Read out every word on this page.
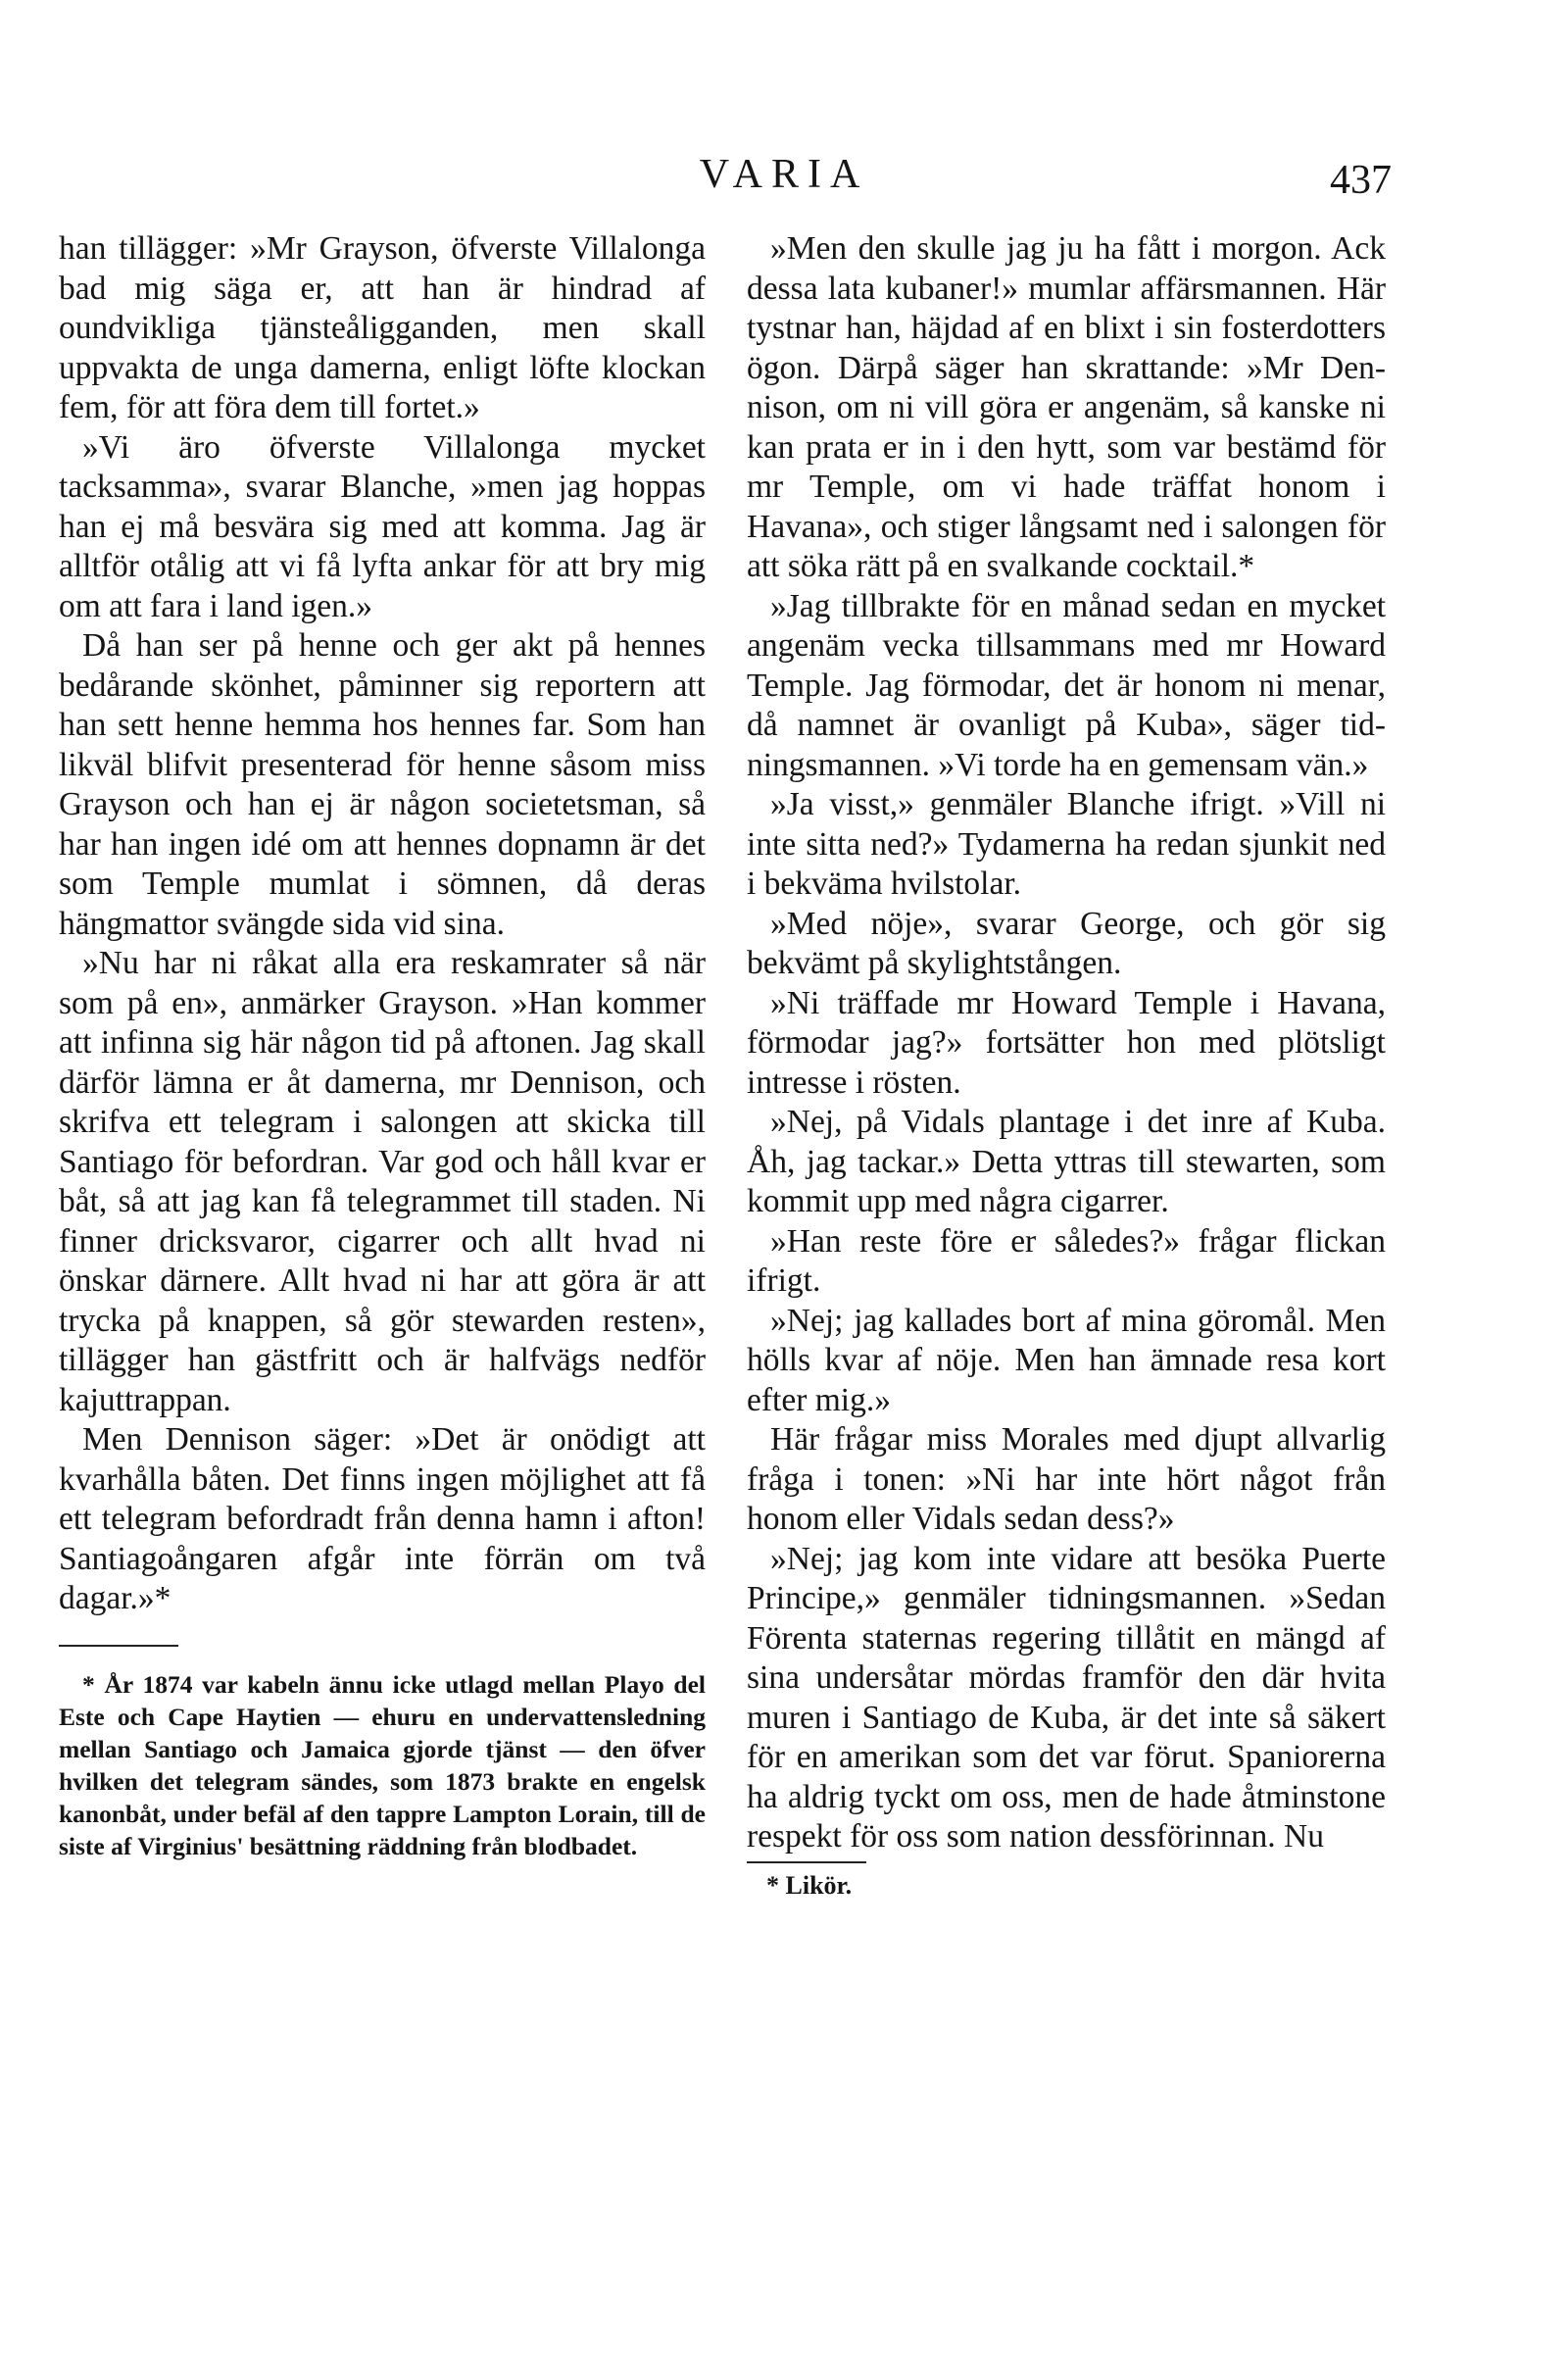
VARIA	437

han tillägger: »Mr Grayson, öfverste Villalonga bad mig säga er, att han är hindrad af oundvikliga tjänsteåligganden, men skall uppvakta de unga damerna, enligt löfte klockan fem, för att föra dem till fortet.»

»Vi äro öfverste Villalonga mycket tacksamma», svarar Blanche, »men jag hoppas han ej må besvära sig med att komma. Jag är alltför otålig att vi få lyfta ankar för att bry mig om att fara i land igen.»

Då han ser på henne och ger akt på hennes bedårande skönhet, påminner sig reportern att han sett henne hemma hos hennes far. Som han likväl blifvit presenterad för henne såsom miss Grayson och han ej är någon societetsman, så har han ingen idé om att hennes dopnamn är det som Temple mumlat i sömnen, då deras hängmattor svängde sida vid sina.

»Nu har ni råkat alla era reskamrater så när som på en», anmärker Grayson. »Han kommer att infinna sig här någon tid på aftonen. Jag skall därför lämna er åt damerna, mr Dennison, och skrifva ett telegram i salongen att skicka till Santiago för befordran. Var god och håll kvar er båt, så att jag kan få telegrammet till staden. Ni finner dricksvaror, cigarrer och allt hvad ni önskar därnere. Allt hvad ni har att göra är att trycka på knappen, så gör stewarden resten», tillägger han gästfritt och är halfvägs nedför kajuttrappan.

Men Dennison säger: »Det är onödigt att kvarhålla båten. Det finns ingen möjlighet att få ett telegram befordradt från denna hamn i afton! Santiagoångaren afgår inte förrän om två dagar.»*

* År 1874 var kabeln ännu icke utlagd mellan Playo del Este och Cape Haytien — ehuru en undervattensledning mellan Santiago och Jamaica gjorde tjänst — den öfver hvilken det telegram sändes, som 1873 brakte en engelsk kanonbåt, under befäl af den tappre Lampton Lorain, till de siste af Virginius' besättning räddning från blodbadet.

»Men den skulle jag ju ha fått i morgon. Ack dessa lata kubaner!» mumlar affärsmannen. Här tystnar han, häjdad af en blixt i sin fosterdotters ögon. Därpå säger han skrattande: »Mr Dennison, om ni vill göra er angenäm, så kanske ni kan prata er in i den hytt, som var bestämd för mr Temple, om vi hade träffat honom i Havana», och stiger långsamt ned i salongen för att söka rätt på en svalkande cocktail.*

»Jag tillbrakte för en månad sedan en mycket angenäm vecka tillsammans med mr Howard Temple. Jag förmodar, det är honom ni menar, då namnet är ovanligt på Kuba», säger tidningsmannen. »Vi torde ha en gemensam vän.»

»Ja visst,» genmäler Blanche ifrigt. »Vill ni inte sitta ned?» Tydamerna ha redan sjunkit ned i bekväma hvilstolar.

»Med nöje», svarar George, och gör sig bekvämt på skylightstången.

»Ni träffade mr Howard Temple i Havana, förmodar jag?» fortsätter hon med plötsligt intresse i rösten.

»Nej, på Vidals plantage i det inre af Kuba. Åh, jag tackar.» Detta yttras till stewarten, som kommit upp med några cigarrer.

»Han reste före er således?» frågar flickan ifrigt.

»Nej; jag kallades bort af mina göromål. Men hölls kvar af nöje. Men han ämnade resa kort efter mig.»

Här frågar miss Morales med djupt allvarlig fråga i tonen: »Ni har inte hört något från honom eller Vidals sedan dess?»

»Nej; jag kom inte vidare att besöka Puerte Principe,» genmäler tidningsmannen. »Sedan Förenta staternas regering tillåtit en mängd af sina undersåtar mördas framför den där hvita muren i Santiago de Kuba, är det inte så säkert för en amerikan som det var förut. Spaniorerna ha aldrig tyckt om oss, men de hade åtminstone respekt för oss som nation dessförinnan. Nu

* Likör.
